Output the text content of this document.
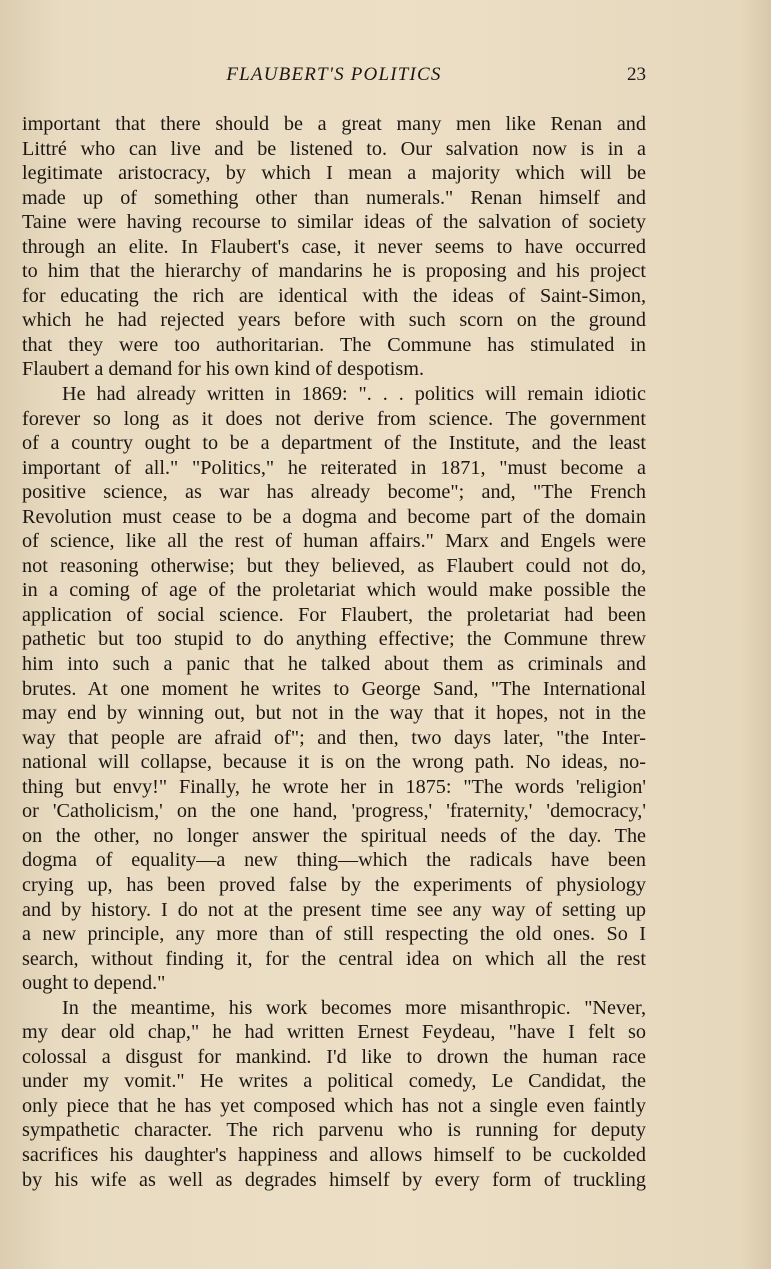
FLAUBERT'S POLITICS	23
important that there should be a great many men like Renan and
Littré who can live and be listened to. Our salvation now is in a
legitimate aristocracy, by which I mean a majority which will be
made up of something other than numerals." Renan himself and
Taine were having recourse to similar ideas of the salvation of society
through an elite. In Flaubert's case, it never seems to have occurred
to him that the hierarchy of mandarins he is proposing and his project
for educating the rich are identical with the ideas of Saint-Simon,
which he had rejected years before with such scorn on the ground
that they were too authoritarian. The Commune has stimulated in
Flaubert a demand for his own kind of despotism.
He had already written in 1869: ". . . politics will remain idiotic
forever so long as it does not derive from science. The government
of a country ought to be a department of the Institute, and the least
important of all." "Politics," he reiterated in 1871, "must become a
positive science, as war has already become"; and, "The French
Revolution must cease to be a dogma and become part of the domain
of science, like all the rest of human affairs." Marx and Engels were
not reasoning otherwise; but they believed, as Flaubert could not do,
in a coming of age of the proletariat which would make possible the
application of social science. For Flaubert, the proletariat had been
pathetic but too stupid to do anything effective; the Commune threw
him into such a panic that he talked about them as criminals and
brutes. At one moment he writes to George Sand, "The International
may end by winning out, but not in the way that it hopes, not in the
way that people are afraid of"; and then, two days later, "the Inter-
national will collapse, because it is on the wrong path. No ideas, no-
thing but envy!" Finally, he wrote her in 1875: "The words 'religion'
or 'Catholicism,' on the one hand, 'progress,' 'fraternity,' 'democracy,'
on the other, no longer answer the spiritual needs of the day. The
dogma of equality—a new thing—which the radicals have been
crying up, has been proved false by the experiments of physiology
and by history. I do not at the present time see any way of setting up
a new principle, any more than of still respecting the old ones. So I
search, without finding it, for the central idea on which all the rest
ought to depend."
In the meantime, his work becomes more misanthropic. "Never,
my dear old chap," he had written Ernest Feydeau, "have I felt so
colossal a disgust for mankind. I'd like to drown the human race
under my vomit." He writes a political comedy, Le Candidat, the
only piece that he has yet composed which has not a single even faintly
sympathetic character. The rich parvenu who is running for deputy
sacrifices his daughter's happiness and allows himself to be cuckolded
by his wife as well as degrades himself by every form of truckling
